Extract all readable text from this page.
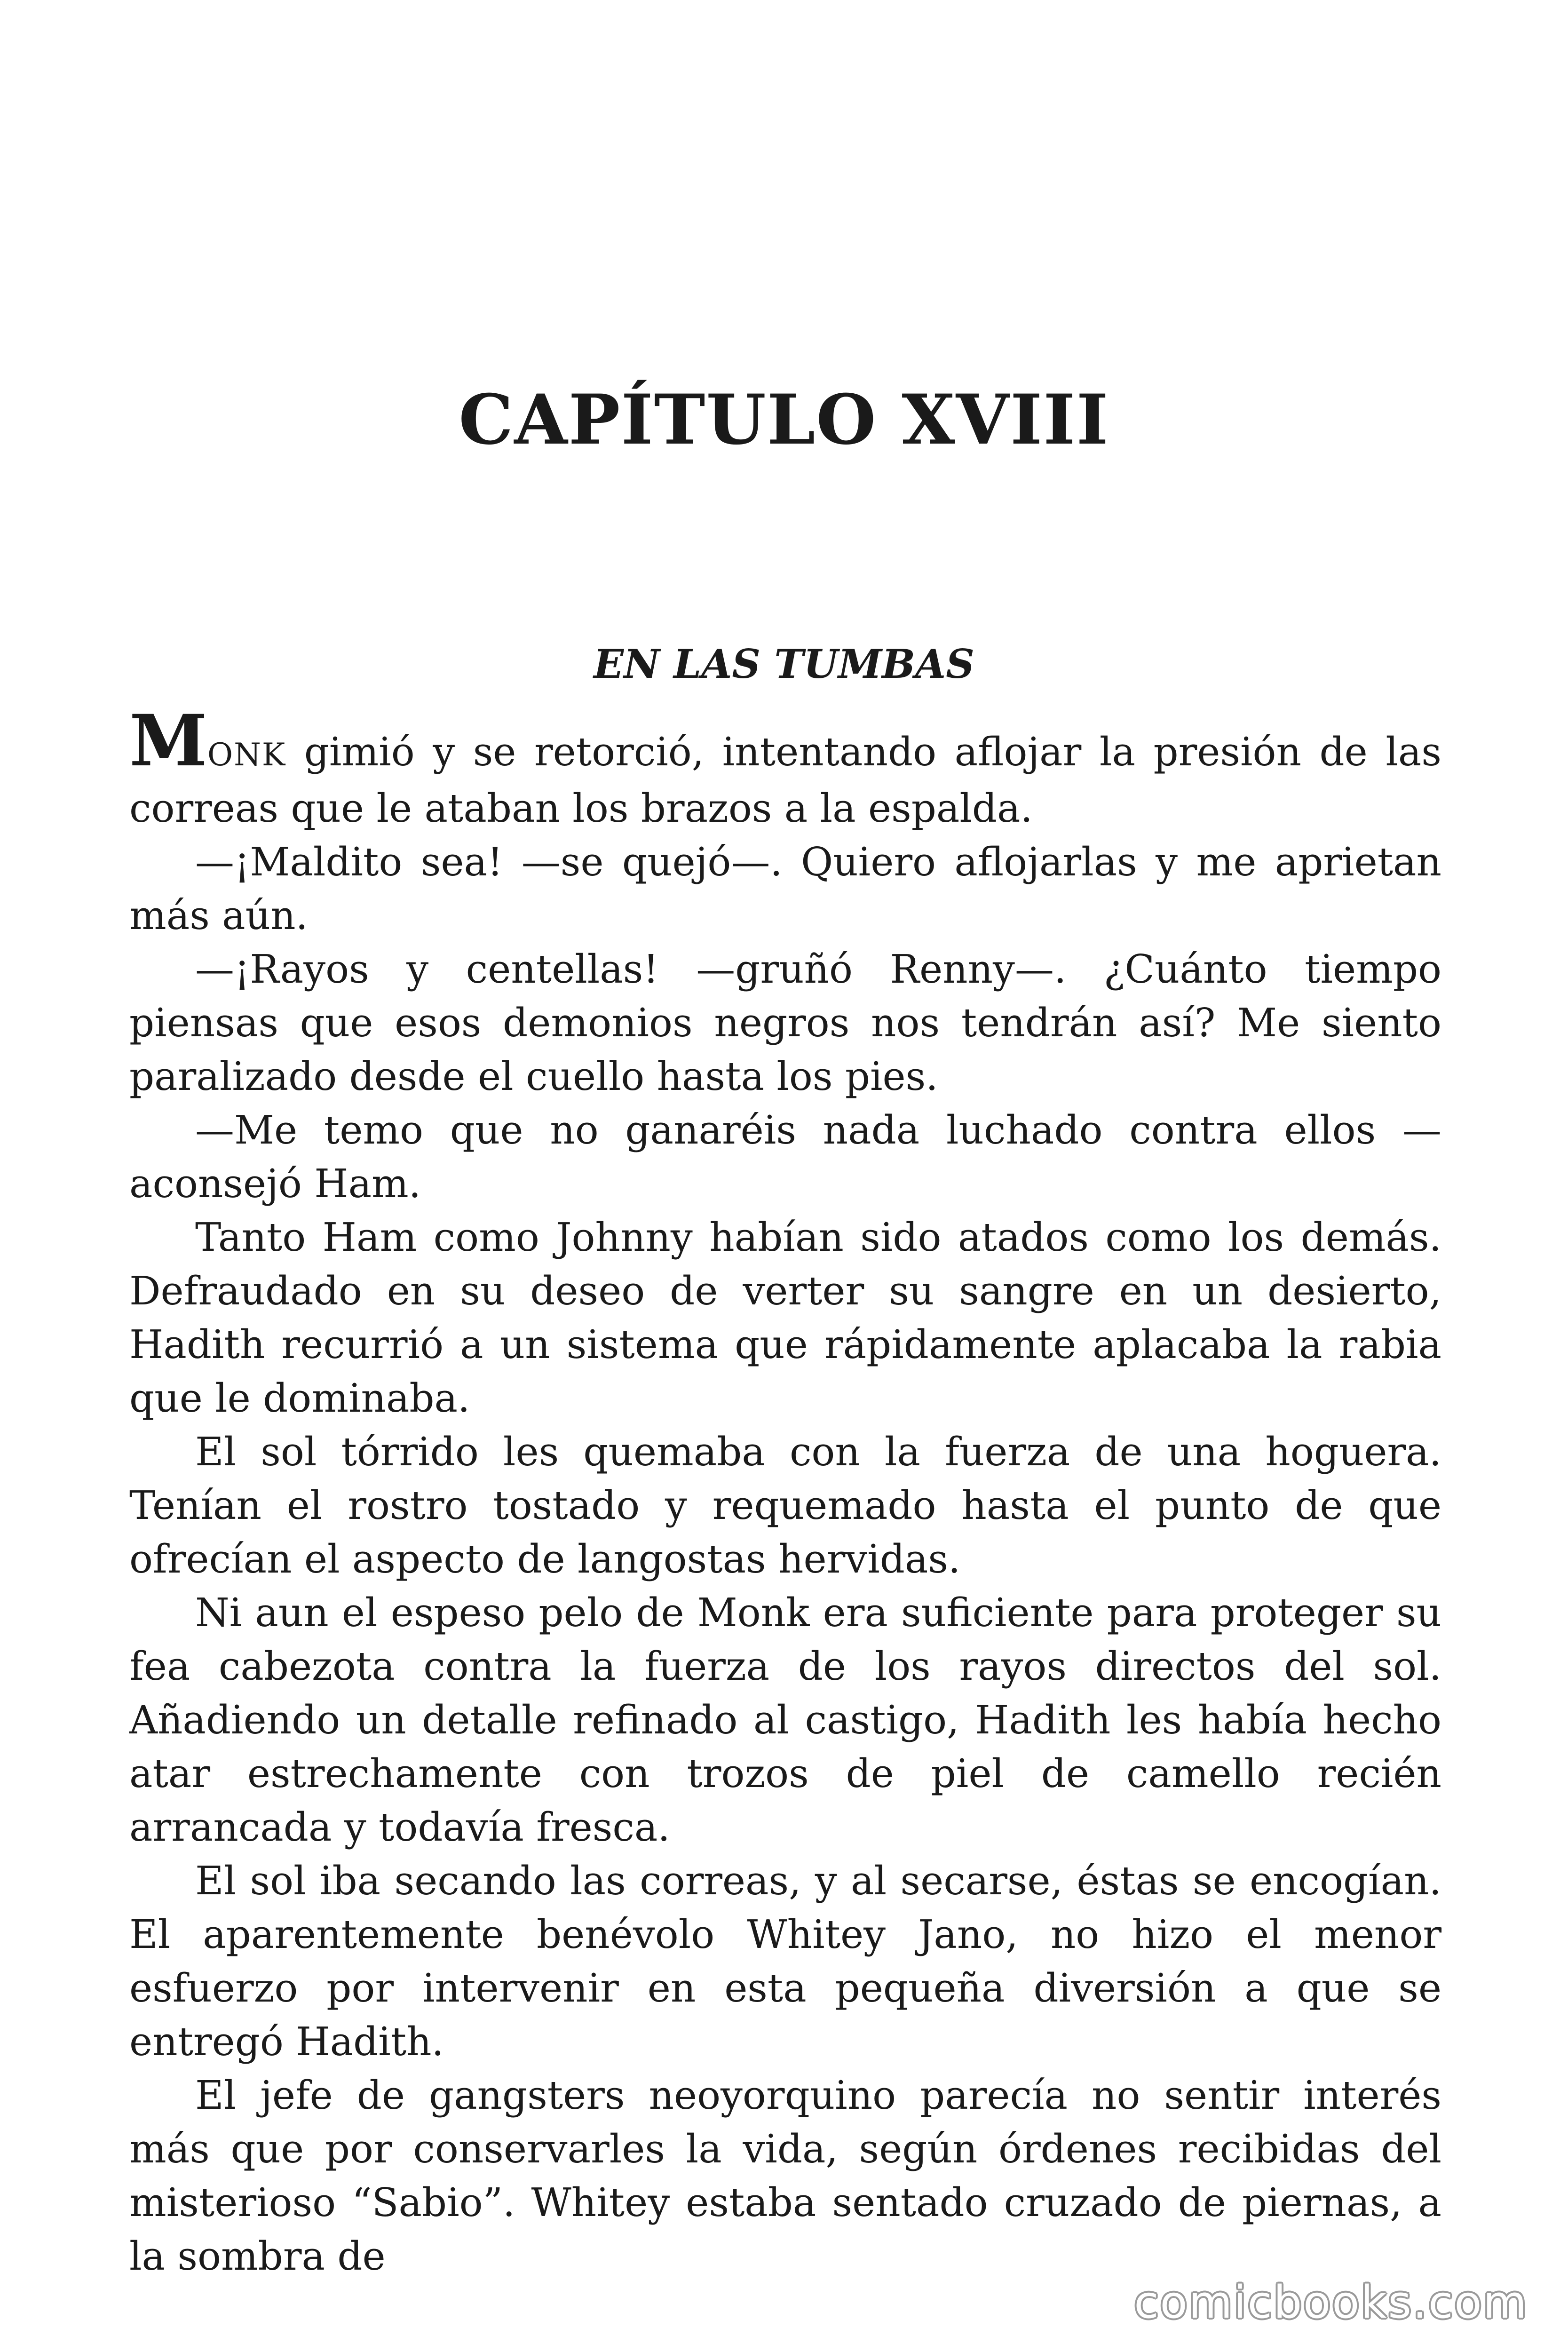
CAPÍTULO XVIII
EN LAS TUMBAS

MONK gimió y se retorció, intentando aflojar la presión de las correas que le ataban los brazos a la espalda.

—¡Maldito sea! —se quejó—. Quiero aflojarlas y me aprietan más aún.

—¡Rayos y centellas! —gruñó Renny—. ¿Cuánto tiempo piensas que esos demonios negros nos tendrán así? Me siento paralizado desde el cuello hasta los pies.

—Me temo que no ganaréis nada luchado contra ellos —aconsejó Ham.

Tanto Ham como Johnny habían sido atados como los demás. Defraudado en su deseo de verter su sangre en un desierto, Hadith recurrió a un sistema que rápidamente aplacaba la rabia que le dominaba.

El sol tórrido les quemaba con la fuerza de una hoguera. Tenían el rostro tostado y requemado hasta el punto de que ofrecían el aspecto de langostas hervidas.

Ni aun el espeso pelo de Monk era suficiente para proteger su fea cabezota contra la fuerza de los rayos directos del sol. Añadiendo un detalle refinado al castigo, Hadith les había hecho atar estrechamente con trozos de piel de camello recién arrancada y todavía fresca.

El sol iba secando las correas, y al secarse, éstas se encogían. El aparentemente benévolo Whitey Jano, no hizo el menor esfuerzo por intervenir en esta pequeña diversión a que se entregó Hadith.

El jefe de gangsters neoyorquino parecía no sentir interés más que por conservarles la vida, según órdenes recibidas del misterioso “Sabio”. Whitey estaba sentado cruzado de piernas, a la sombra de

comicbooks.com
